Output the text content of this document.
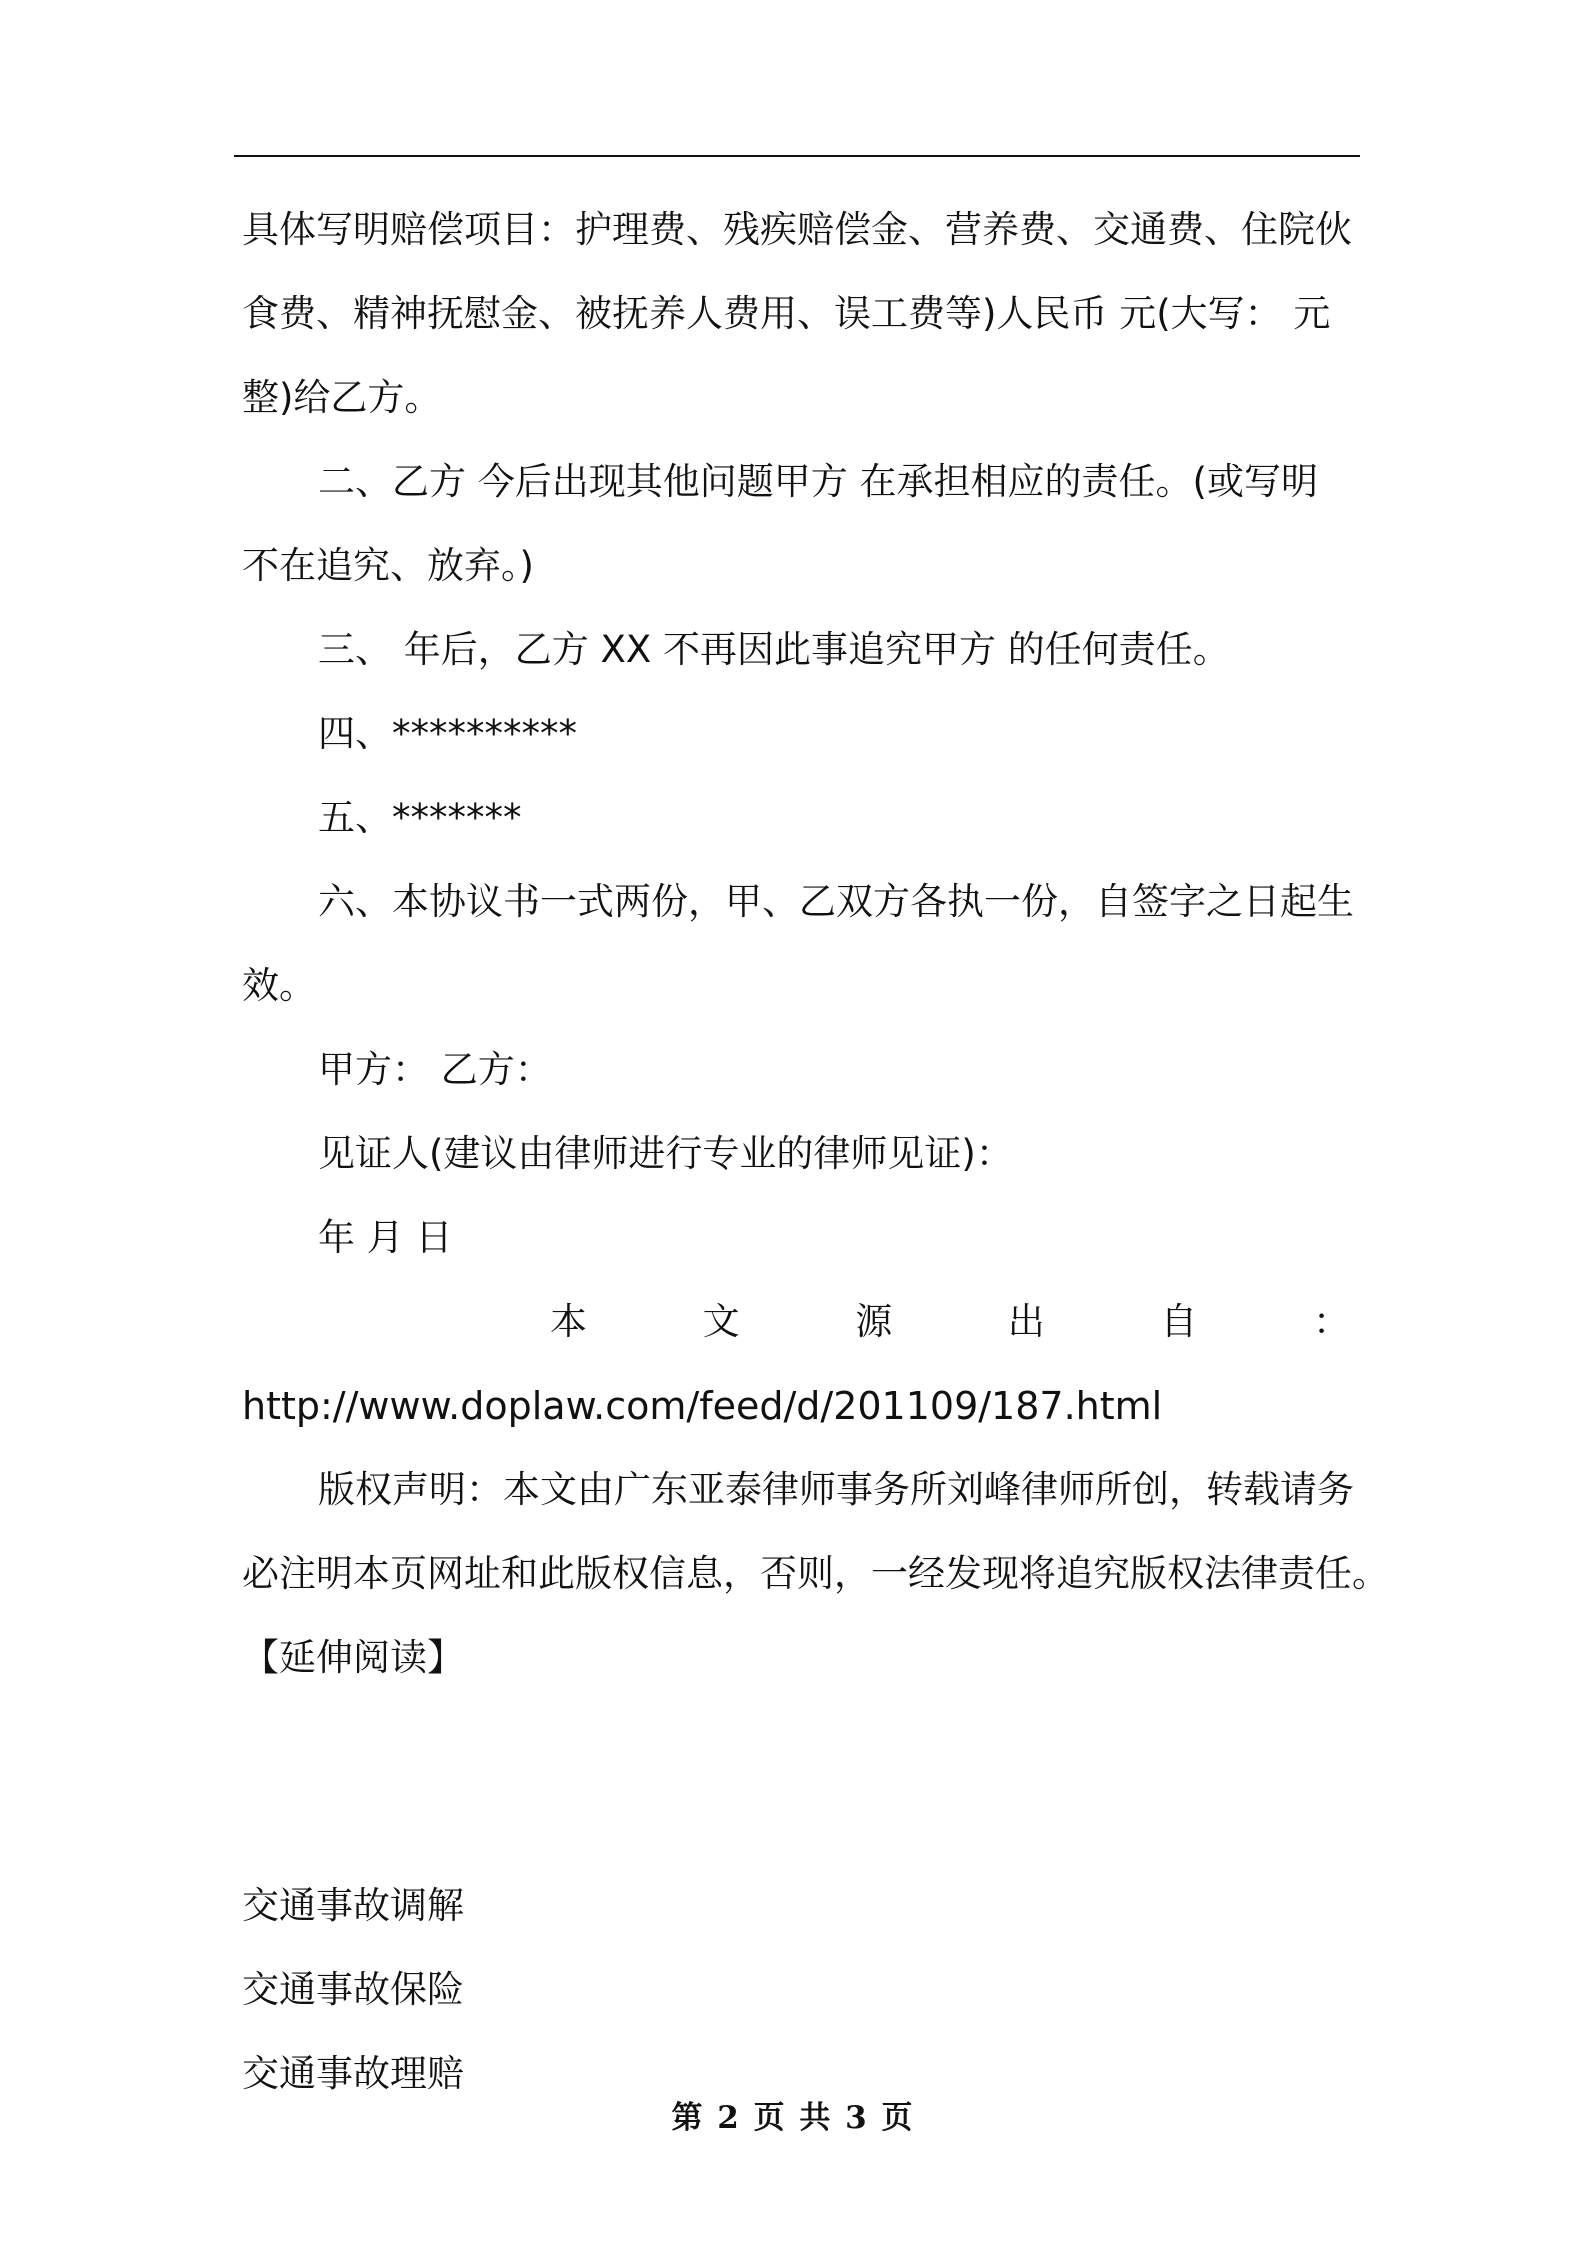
具体写明赔偿项目：护理费、残疾赔偿金、营养费、交通费、住院伙
食费、精神抚慰金、被抚养人费用、误工费等)人民币 元(大写： 元
整)给乙方。
二、乙方 今后出现其他问题甲方 在承担相应的责任。(或写明
不在追究、放弃。)
三、 年后，乙方 XX 不再因此事追究甲方 的任何责任。
四、**********
五、*******
六、本协议书一式两份，甲、乙双方各执一份，自签字之日起生
效。
甲方： 乙方：
见证人(建议由律师进行专业的律师见证)：
年 月 日
本	文	源	出	自	：
http://www.doplaw.com/feed/d/201109/187.html
版权声明：本文由广东亚泰律师事务所刘峰律师所创，转载请务
必注明本页网址和此版权信息，否则，一经发现将追究版权法律责任。
【延伸阅读】
交通事故调解
交通事故保险
交通事故理赔
第 2 页 共 3 页
